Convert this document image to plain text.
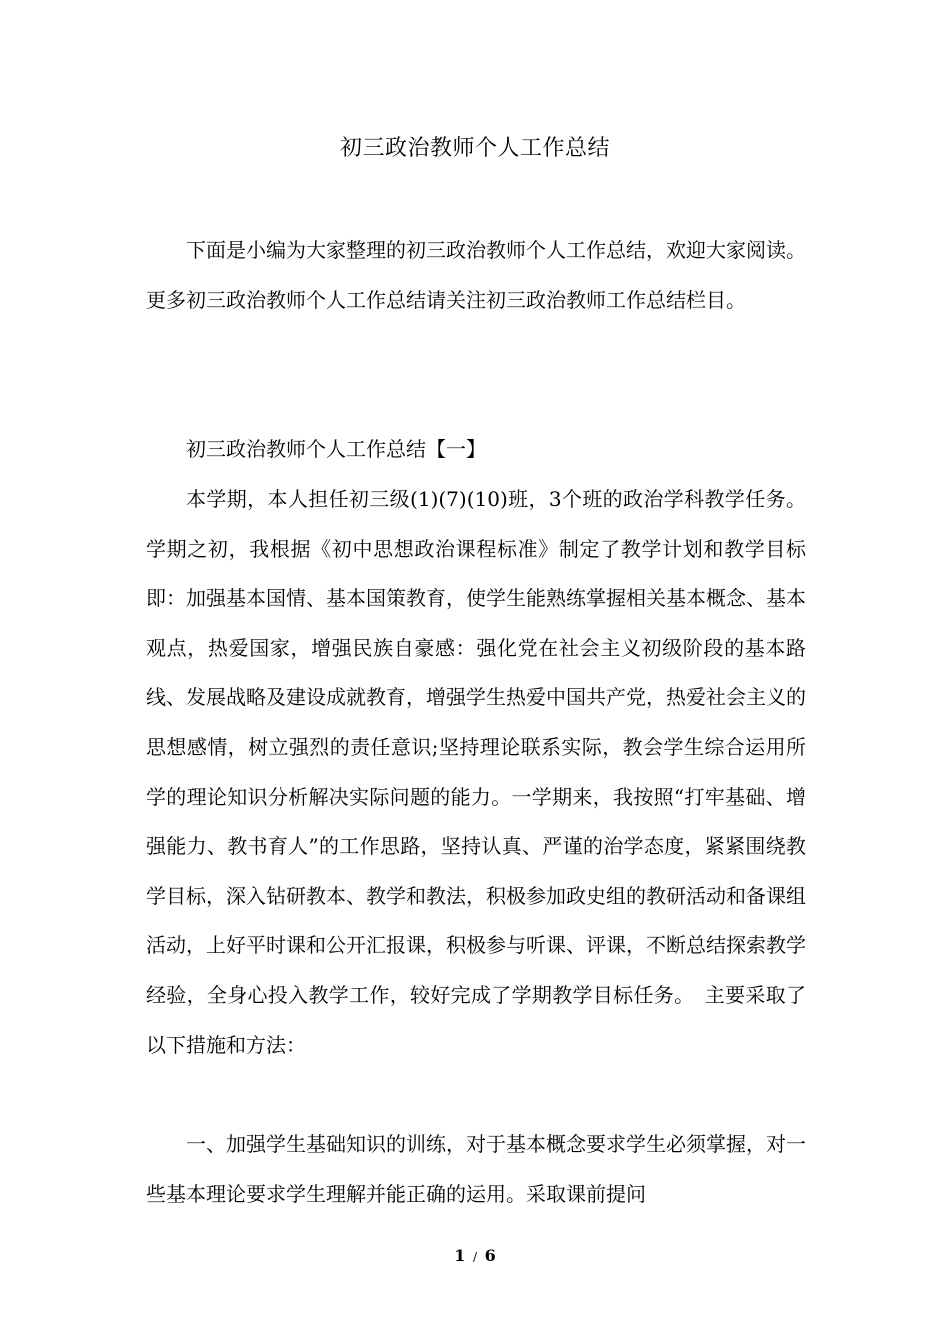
初三政治教师个人工作总结

下面是小编为大家整理的初三政治教师个人工作总结，欢迎大家阅读。更多初三政治教师个人工作总结请关注初三政治教师工作总结栏目。

初三政治教师个人工作总结【一】

本学期，本人担任初三级(1)(7)(10)班，3个班的政治学科教学任务。学期之初，我根据《初中思想政治课程标准》制定了教学计划和教学目标即：加强基本国情、基本国策教育，使学生能熟练掌握相关基本概念、基本观点，热爱国家，增强民族自豪感：强化党在社会主义初级阶段的基本路线、发展战略及建设成就教育，增强学生热爱中国共产党，热爱社会主义的思想感情，树立强烈的责任意识;坚持理论联系实际，教会学生综合运用所学的理论知识分析解决实际问题的能力。一学期来，我按照“打牢基础、增强能力、教书育人”的工作思路，坚持认真、严谨的治学态度，紧紧围绕教学目标，深入钻研教本、教学和教法，积极参加政史组的教研活动和备课组活动，上好平时课和公开汇报课，积极参与听课、评课，不断总结探索教学经验，全身心投入教学工作，较好完成了学期教学目标任务。　主要采取了以下措施和方法：

一、加强学生基础知识的训练，对于基本概念要求学生必须掌握，对一些基本理论要求学生理解并能正确的运用。采取课前提问

1 / 6
